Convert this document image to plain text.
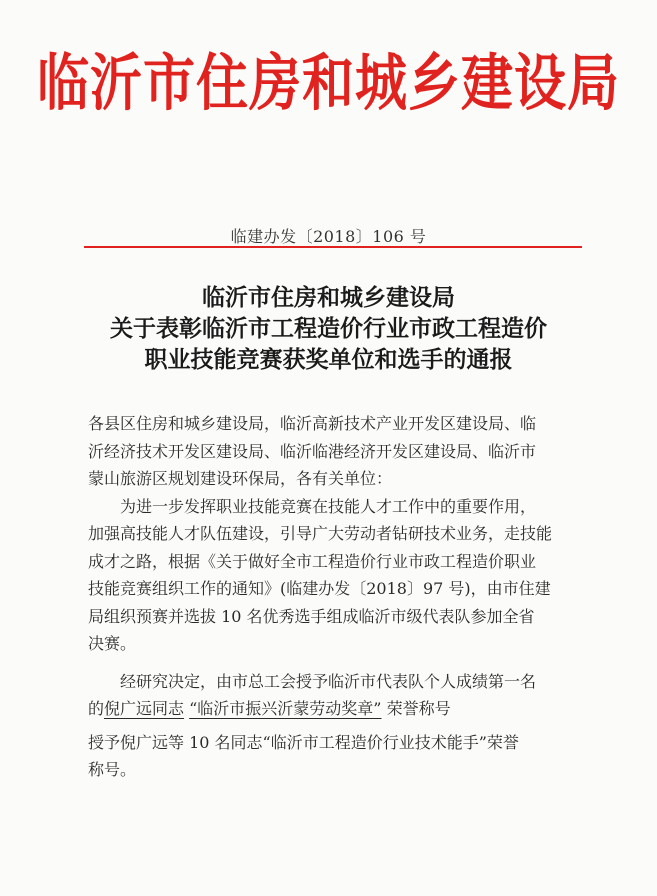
临沂市住房和城乡建设局
临建办发〔2018〕106 号
临沂市住房和城乡建设局
关于表彰临沂市工程造价行业市政工程造价
职业技能竞赛获奖单位和选手的通报

各县区住房和城乡建设局，临沂高新技术产业开发区建设局、临

沂经济技术开发区建设局、临沂临港经济开发区建设局、临沂市

蒙山旅游区规划建设环保局，各有关单位：

为进一步发挥职业技能竞赛在技能人才工作中的重要作用，

加强高技能人才队伍建设，引导广大劳动者钻研技术业务，走技能

成才之路，根据《关于做好全市工程造价行业市政工程造价职业

技能竞赛组织工作的通知》(临建办发〔2018〕97 号)，由市住建

局组织预赛并选拔 10 名优秀选手组成临沂市级代表队参加全省

决赛。

经研究决定，由市总工会授予临沂市代表队个人成绩第一名

的倪广远同志 “临沂市振兴沂蒙劳动奖章” 荣誉称号

授予倪广远等 10 名同志“临沂市工程造价行业技术能手”荣誉

称号。
